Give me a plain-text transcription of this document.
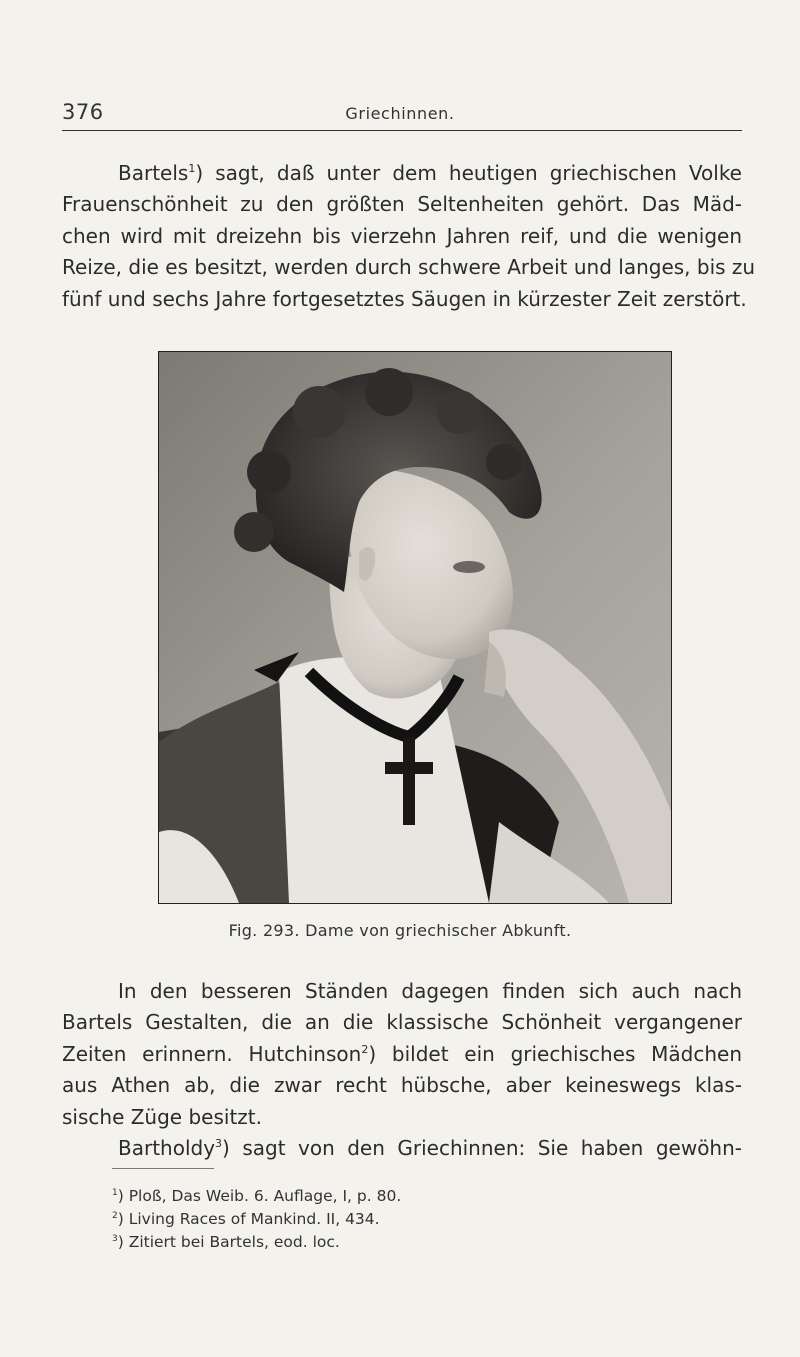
376	Griechinnen.

Bartels$^1$) sagt, daß unter dem heutigen griechischen Volke
Frauenschönheit zu den größten Seltenheiten gehört. Das Mäd-
chen wird mit dreizehn bis vierzehn Jahren reif, und die wenigen
Reize, die es besitzt, werden durch schwere Arbeit und langes, bis zu
fünf und sechs Jahre fortgesetztes Säugen in kürzester Zeit zerstört.

Fig. 293. Dame von griechischer Abkunft.

In den besseren Ständen dagegen finden sich auch nach
Bartels Gestalten, die an die klassische Schönheit vergangener
Zeiten erinnern. Hutchinson$^2$) bildet ein griechisches Mädchen
aus Athen ab, die zwar recht hübsche, aber keineswegs klas-
sische Züge besitzt.
Bartholdy$^3$) sagt von den Griechinnen: Sie haben gewöhn-

$^1$) Ploß, Das Weib. 6. Auflage, I, p. 80.
$^2$) Living Races of Mankind. II, 434.
$^3$) Zitiert bei Bartels, eod. loc.
